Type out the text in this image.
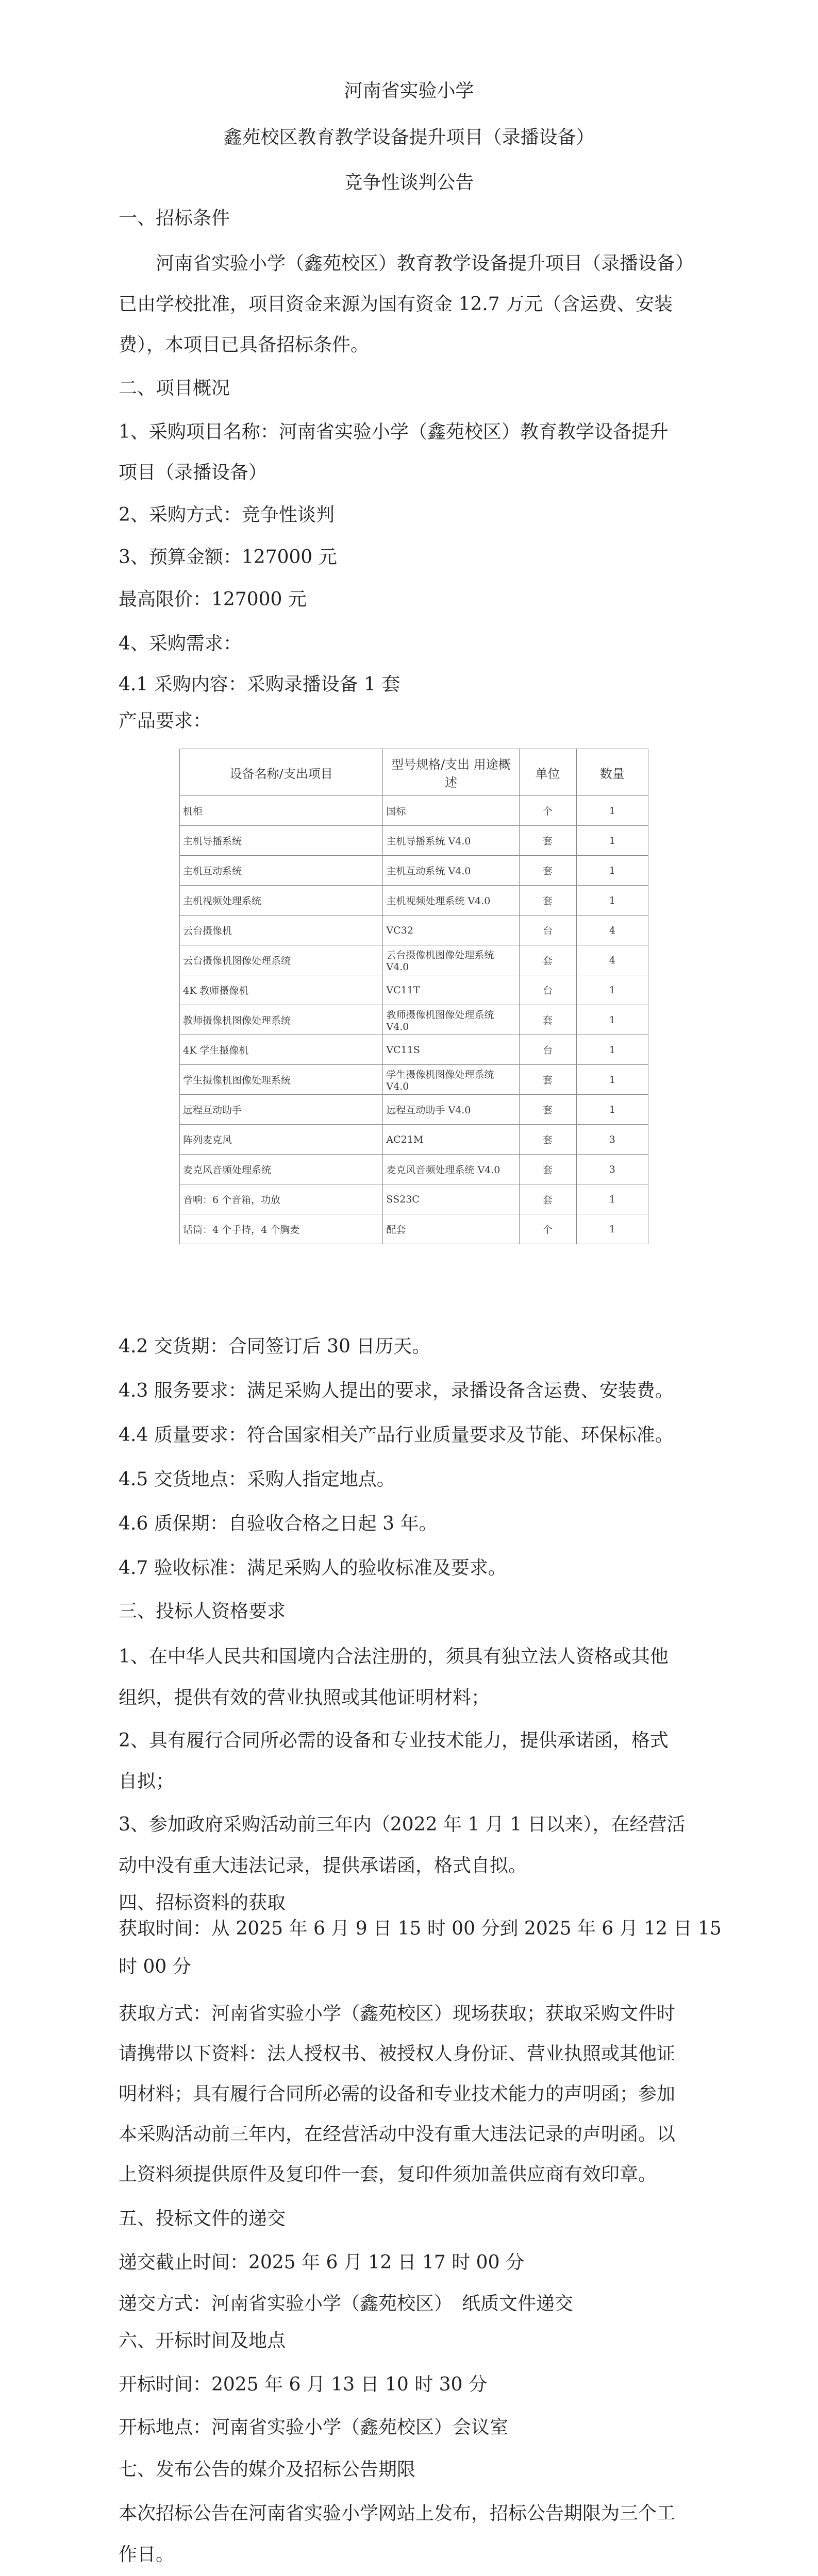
河南省实验小学
鑫苑校区教育教学设备提升项目（录播设备）
竞争性谈判公告
一、招标条件
河南省实验小学（鑫苑校区）教育教学设备提升项目（录播设备）
已由学校批准，项目资金来源为国有资金 12.7 万元（含运费、安装
费），本项目已具备招标条件。
二、项目概况
1、采购项目名称：河南省实验小学（鑫苑校区）教育教学设备提升
项目（录播设备）
2、采购方式：竞争性谈判
3、预算金额：127000 元
最高限价：127000 元
4、采购需求：
4.1 采购内容：采购录播设备 1 套
产品要求：
设备名称/支出项目	型号规格/支出 用途概述	单位	数量
机柜	国标	个	1
主机导播系统	主机导播系统 V4.0	套	1
主机互动系统	主机互动系统 V4.0	套	1
主机视频处理系统	主机视频处理系统 V4.0	套	1
云台摄像机	VC32	台	4
云台摄像机图像处理系统	云台摄像机图像处理系统 V4.0	套	4
4K 教师摄像机	VC11T	台	1
教师摄像机图像处理系统	教师摄像机图像处理系统 V4.0	套	1
4K 学生摄像机	VC11S	台	1
学生摄像机图像处理系统	学生摄像机图像处理系统 V4.0	套	1
远程互动助手	远程互动助手 V4.0	套	1
阵列麦克风	AC21M	套	3
麦克风音频处理系统	麦克风音频处理系统 V4.0	套	3
音响：6 个音箱，功放	SS23C	套	1
话筒：4 个手持，4 个胸麦	配套	个	1
4.2 交货期：合同签订后 30 日历天。
4.3 服务要求：满足采购人提出的要求，录播设备含运费、安装费。
4.4 质量要求：符合国家相关产品行业质量要求及节能、环保标准。
4.5 交货地点：采购人指定地点。
4.6 质保期：自验收合格之日起 3 年。
4.7 验收标准：满足采购人的验收标准及要求。
三、投标人资格要求
1、在中华人民共和国境内合法注册的，须具有独立法人资格或其他
组织，提供有效的营业执照或其他证明材料；
2、具有履行合同所必需的设备和专业技术能力，提供承诺函，格式
自拟；
3、参加政府采购活动前三年内（2022 年 1 月 1 日以来），在经营活
动中没有重大违法记录，提供承诺函，格式自拟。
四、招标资料的获取
获取时间：从 2025 年 6 月 9 日 15 时 00 分到 2025 年 6 月 12 日 15
时 00 分
获取方式：河南省实验小学（鑫苑校区）现场获取；获取采购文件时
请携带以下资料：法人授权书、被授权人身份证、营业执照或其他证
明材料；具有履行合同所必需的设备和专业技术能力的声明函；参加
本采购活动前三年内，在经营活动中没有重大违法记录的声明函。以
上资料须提供原件及复印件一套，复印件须加盖供应商有效印章。
五、投标文件的递交
递交截止时间：2025 年 6 月 12 日 17 时 00 分
递交方式：河南省实验小学（鑫苑校区）　纸质文件递交
六、开标时间及地点
开标时间：2025 年 6 月 13 日 10 时 30 分
开标地点：河南省实验小学（鑫苑校区）会议室
七、发布公告的媒介及招标公告期限
本次招标公告在河南省实验小学网站上发布，招标公告期限为三个工
作日。
